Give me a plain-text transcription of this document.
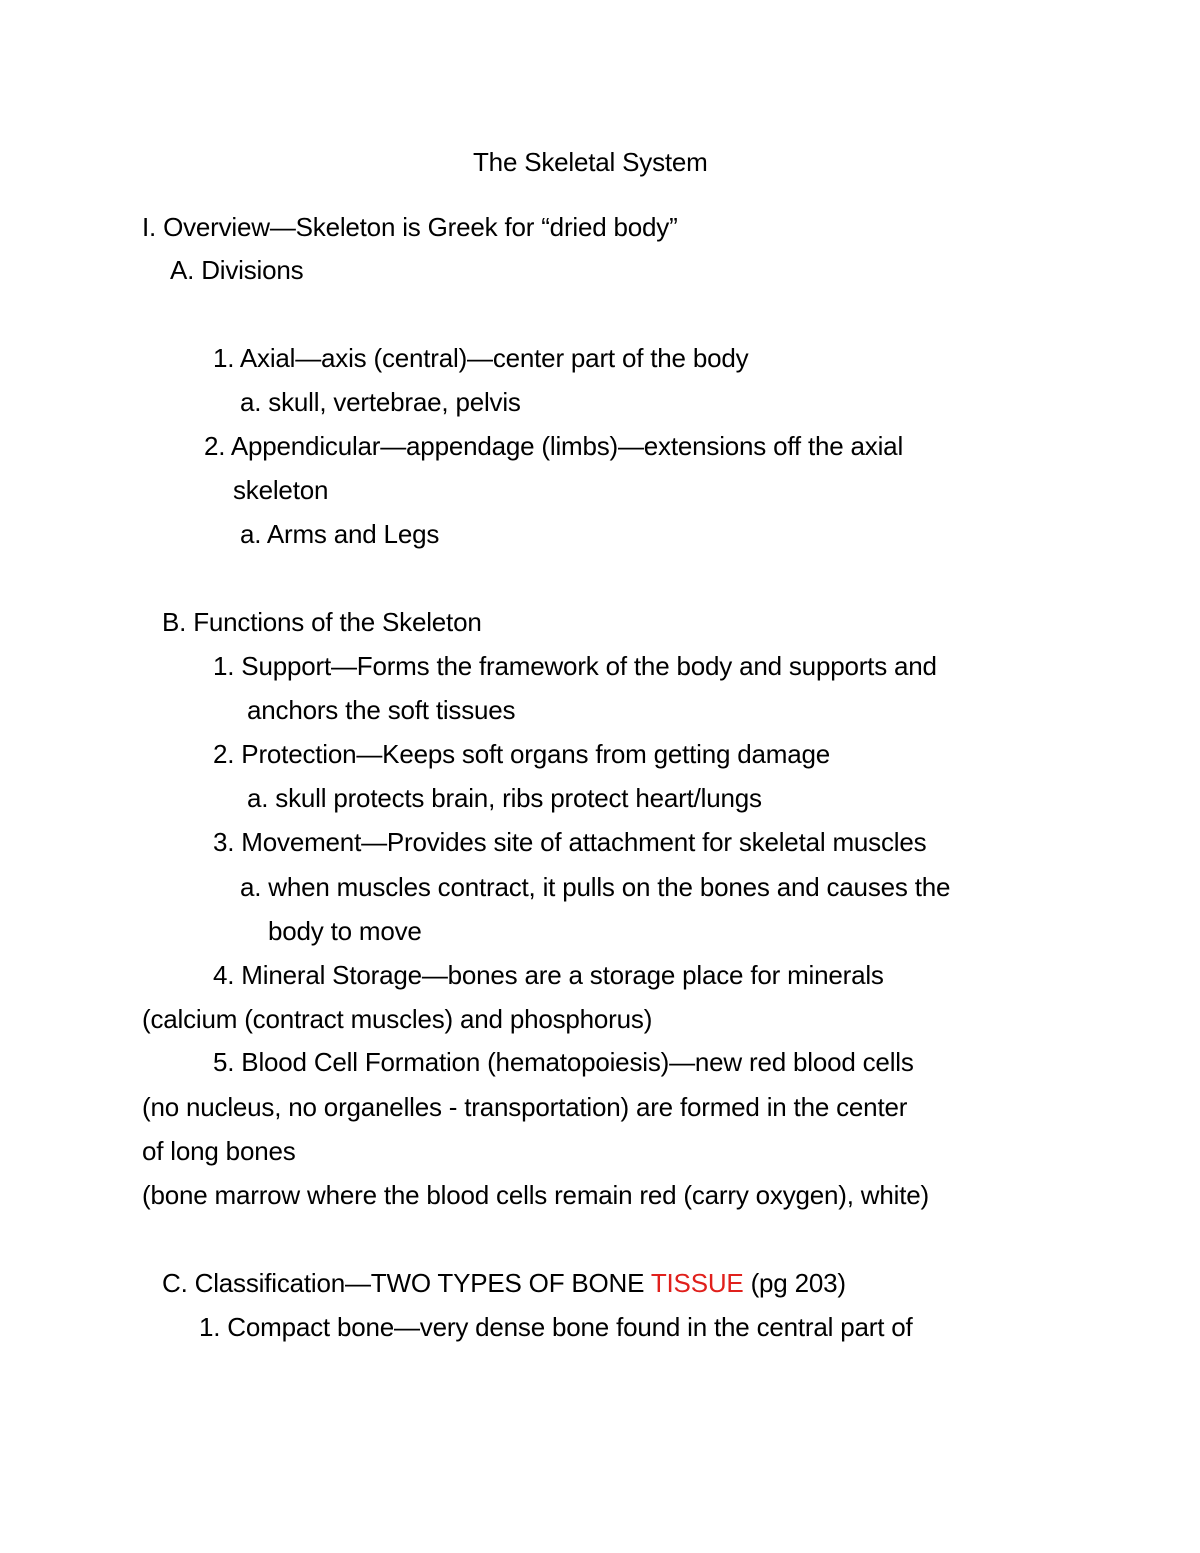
The Skeletal System
I. Overview—Skeleton is Greek for “dried body”
A. Divisions
1. Axial—axis (central)—center part of the body
a. skull, vertebrae, pelvis
2. Appendicular—appendage (limbs)—extensions off the axial
skeleton
a. Arms and Legs
B. Functions of the Skeleton
1. Support—Forms the framework of the body and supports and
anchors the soft tissues
2. Protection—Keeps soft organs from getting damage
a. skull protects brain, ribs protect heart/lungs
3. Movement—Provides site of attachment for skeletal muscles
a. when muscles contract, it pulls on the bones and causes the
body to move
4. Mineral Storage—bones are a storage place for minerals
(calcium (contract muscles) and phosphorus)
5. Blood Cell Formation (hematopoiesis)—new red blood cells
(no nucleus, no organelles - transportation) are formed in the center
of long bones
(bone marrow where the blood cells remain red (carry oxygen), white)
C. Classification—TWO TYPES OF BONE TISSUE (pg 203)
1. Compact bone—very dense bone found in the central part of
